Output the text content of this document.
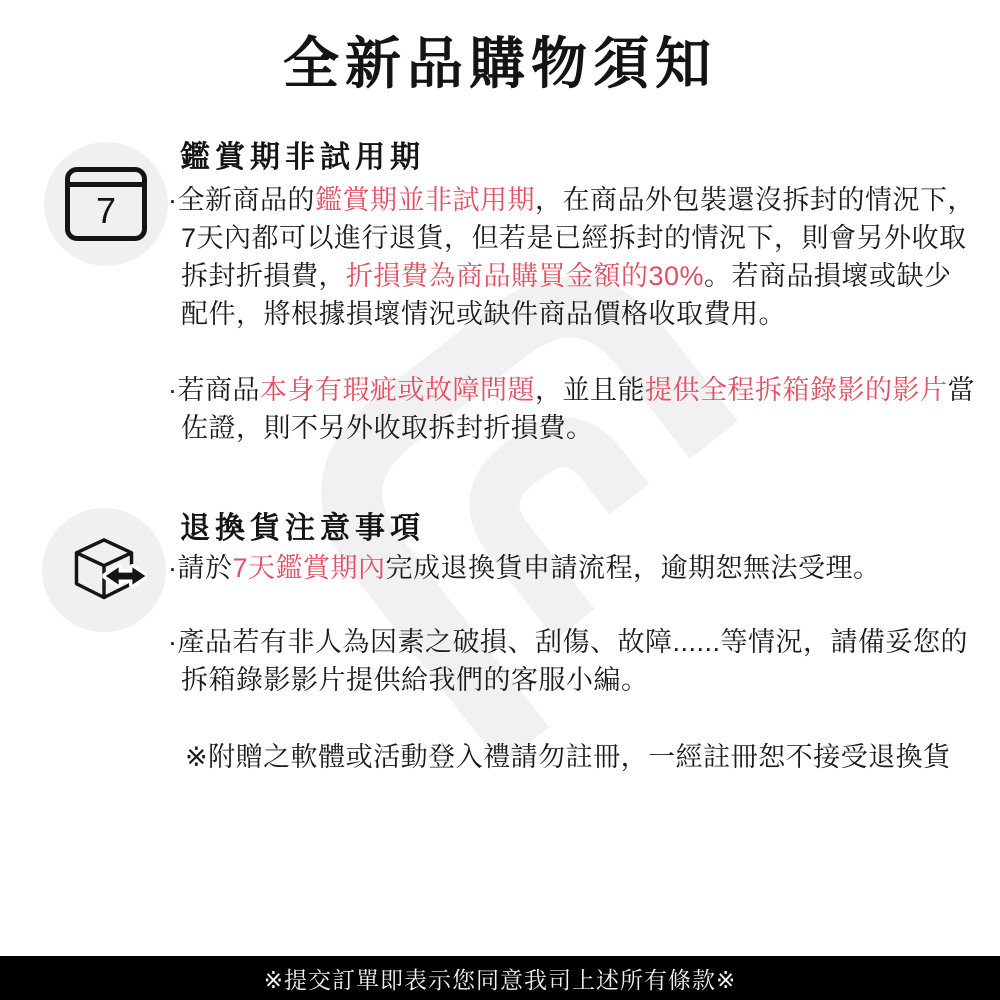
全新品購物須知
7
鑑賞期非試用期

·全新商品的鑑賞期並非試用期，在商品外包裝還沒拆封的情況下，7天內都可以進行退貨，但若是已經拆封的情況下，則會另外收取拆封折損費，折損費為商品購買金額的30%。若商品損壞或缺少配件，將根據損壞情況或缺件商品價格收取費用。

·若商品本身有瑕疵或故障問題，並且能提供全程拆箱錄影的影片當佐證，則不另外收取拆封折損費。

退換貨注意事項

·請於7天鑑賞期內完成退換貨申請流程，逾期恕無法受理。

·產品若有非人為因素之破損、刮傷、故障......等情況，請備妥您的拆箱錄影影片提供給我們的客服小編。

※附贈之軟體或活動登入禮請勿註冊，一經註冊恕不接受退換貨

※提交訂單即表示您同意我司上述所有條款※
